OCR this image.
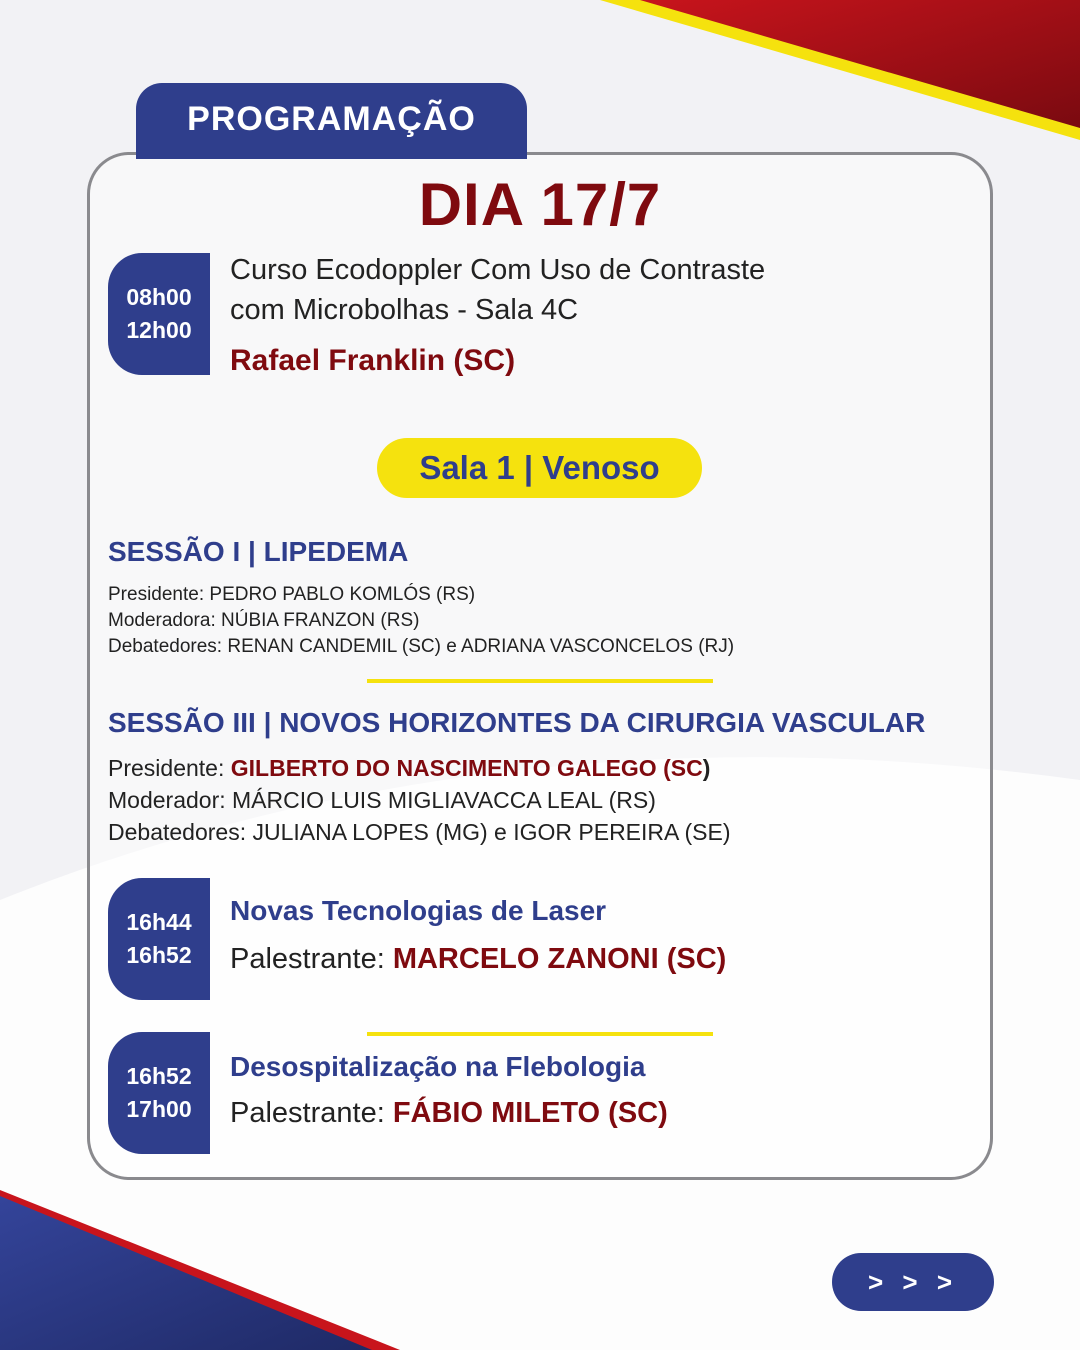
PROGRAMAÇÃO
DIA 17/7
08h00
12h00
Curso Ecodoppler Com Uso de Contraste
com Microbolhas - Sala 4C
Rafael Franklin (SC)
Sala 1 | Venoso
SESSÃO I | LIPEDEMA
Presidente: PEDRO PABLO KOMLÓS (RS)
Moderadora: NÚBIA FRANZON (RS)
Debatedores: RENAN CANDEMIL (SC) e ADRIANA VASCONCELOS (RJ)
SESSÃO III | NOVOS HORIZONTES DA CIRURGIA VASCULAR
Presidente: GILBERTO DO NASCIMENTO GALEGO (SC)
Moderador: MÁRCIO LUIS MIGLIAVACCA LEAL (RS)
Debatedores: JULIANA LOPES (MG) e IGOR PEREIRA (SE)
16h44
16h52
Novas Tecnologias de Laser
Palestrante: MARCELO ZANONI (SC)
16h52
17h00
Desospitalização na Flebologia
Palestrante: FÁBIO MILETO (SC)
> > >
